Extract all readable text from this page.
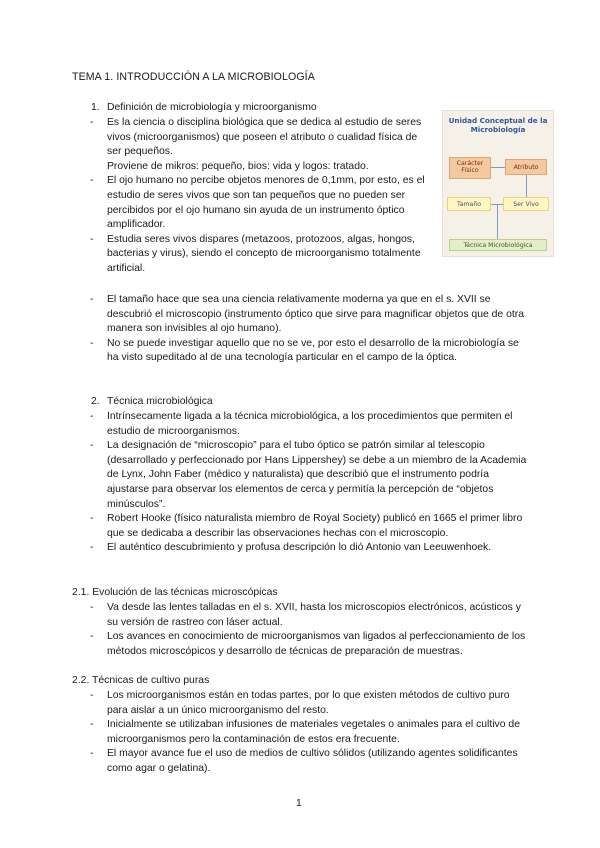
TEMA 1. INTRODUCCIÓN A LA MICROBIOLOGÍA
1. Definición de microbiología y microorganismo
- Es la ciencia o disciplina biológica que se dedica al estudio de seres vivos (microorganismos) que poseen el atributo o cualidad física de ser pequeños.
Proviene de mikros: pequeño, bios: vida y logos: tratado.
- El ojo humano no percibe objetos menores de 0,1mm, por esto, es el estudio de seres vivos que son tan pequeños que no pueden ser percibidos por el ojo humano sin ayuda de un instrumento óptico amplificador.
- Estudia seres vivos dispares (metazoos, protozoos, algas, hongos, bacterias y virus), siendo el concepto de microorganismo totalmente artificial.
Unidad Conceptual de la Microbiología
Carácter Físico	Atributo
Tamaño	Ser Vivo
Técnica Microbiológica
- El tamaño hace que sea una ciencia relativamente moderna ya que en el s. XVII se descubrió el microscopio (instrumento óptico que sirve para magnificar objetos que de otra manera son invisibles al ojo humano).
- No se puede investigar aquello que no se ve, por esto el desarrollo de la microbiología se ha visto supeditado al de una tecnología particular en el campo de la óptica.
2. Técnica microbiológica
- Intrínsecamente ligada a la técnica microbiológica, a los procedimientos que permiten el estudio de microorganismos.
- La designación de “microscopio” para el tubo óptico se patrón similar al telescopio (desarrollado y perfeccionado por Hans Lippershey) se debe a un miembro de la Academia de Lynx, John Faber (médico y naturalista) que describió que el instrumento podría ajustarse para observar los elementos de cerca y permitía la percepción de “objetos minúsculos”.
- Robert Hooke (físico naturalista miembro de Royal Society) publicó en 1665 el primer libro que se dedicaba a describir las observaciones hechas con el microscopio.
- El auténtico descubrimiento y profusa descripción lo dió Antonio van Leeuwenhoek.
2.1. Evolución de las técnicas microscópicas
- Va desde las lentes talladas en el s. XVII, hasta los microscopios electrónicos, acústicos y su versión de rastreo con láser actual.
- Los avances en conocimiento de microorganismos van ligados al perfeccionamiento de los métodos microscópicos y desarrollo de técnicas de preparación de muestras.
2.2. Técnicas de cultivo puras
- Los microorganismos están en todas partes, por lo que existen métodos de cultivo puro para aislar a un único microorganismo del resto.
- Inicialmente se utilizaban infusiones de materiales vegetales o animales para el cultivo de microorganismos pero la contaminación de estos era frecuente.
- El mayor avance fue el uso de medios de cultivo sólidos (utilizando agentes solidificantes como agar o gelatina).
1
